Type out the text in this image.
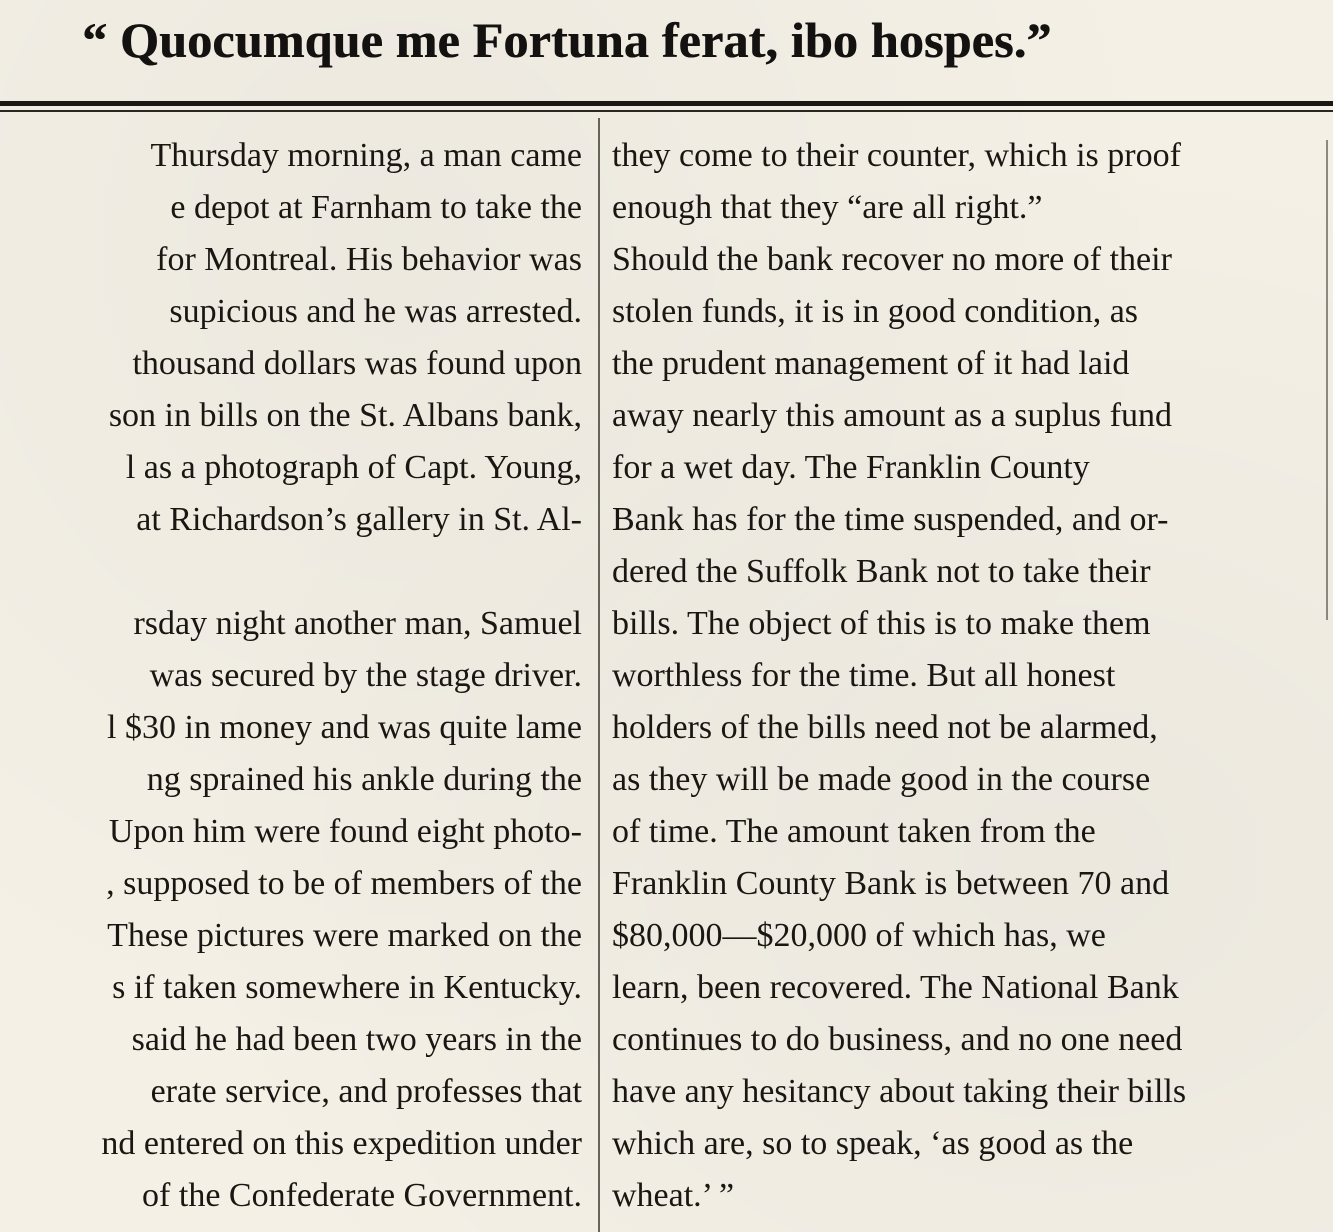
“ Quocumque me Fortuna ferat, ibo hospes.”
Thursday morning, a man came
e depot at Farnham to take the
for Montreal. His behavior was
supicious and he was arrested.
thousand dollars was found upon
son in bills on the St. Albans bank,
l as a photograph of Capt. Young,
at Richardson’s gallery in St. Al-
rsday night another man, Samuel
was secured by the stage driver.
l $30 in money and was quite lame
ng sprained his ankle during the
Upon him were found eight photo-
, supposed to be of members of the
These pictures were marked on the
s if taken somewhere in Kentucky.
said he had been two years in the
erate service, and professes that
nd entered on this expedition under
of the Confederate Government.
they come to their counter, which is proof
enough that they “are all right.”
Should the bank recover no more of their
stolen funds, it is in good condition, as
the prudent management of it had laid
away nearly this amount as a suplus fund
for a wet day. The Franklin County
Bank has for the time suspended, and or-
dered the Suffolk Bank not to take their
bills. The object of this is to make them
worthless for the time. But all honest
holders of the bills need not be alarmed,
as they will be made good in the course
of time. The amount taken from the
Franklin County Bank is between 70 and
$80,000—$20,000 of which has, we
learn, been recovered. The National Bank
continues to do business, and no one need
have any hesitancy about taking their bills
which are, so to speak, ‘as good as the
wheat.’ ”
